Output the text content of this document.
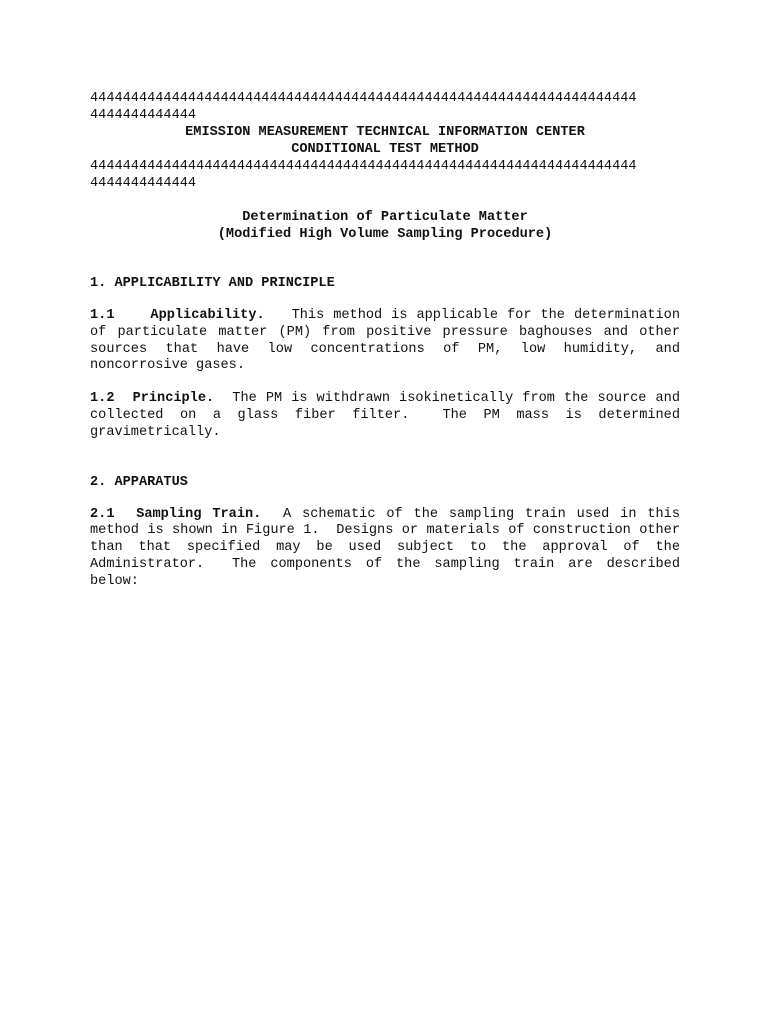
4444444444444444444444444444444444444444444444444444444444444444444
4444444444444
EMISSION MEASUREMENT TECHNICAL INFORMATION CENTER
CONDITIONAL TEST METHOD
4444444444444444444444444444444444444444444444444444444444444444444
4444444444444
Determination of Particulate Matter
(Modified High Volume Sampling Procedure)
1. APPLICABILITY AND PRINCIPLE
1.1    Applicability.   This method is applicable for the determination of particulate matter (PM) from positive pressure baghouses and other sources that have low concentrations of PM, low humidity, and noncorrosive gases.
1.2  Principle.  The PM is withdrawn isokinetically from the source and collected on a glass fiber filter.  The PM mass is determined gravimetrically.
2. APPARATUS
2.1  Sampling Train.  A schematic of the sampling train used in this method is shown in Figure 1.  Designs or materials of construction other than that specified may be used subject to the approval of the Administrator.  The components of the sampling train are described below:
